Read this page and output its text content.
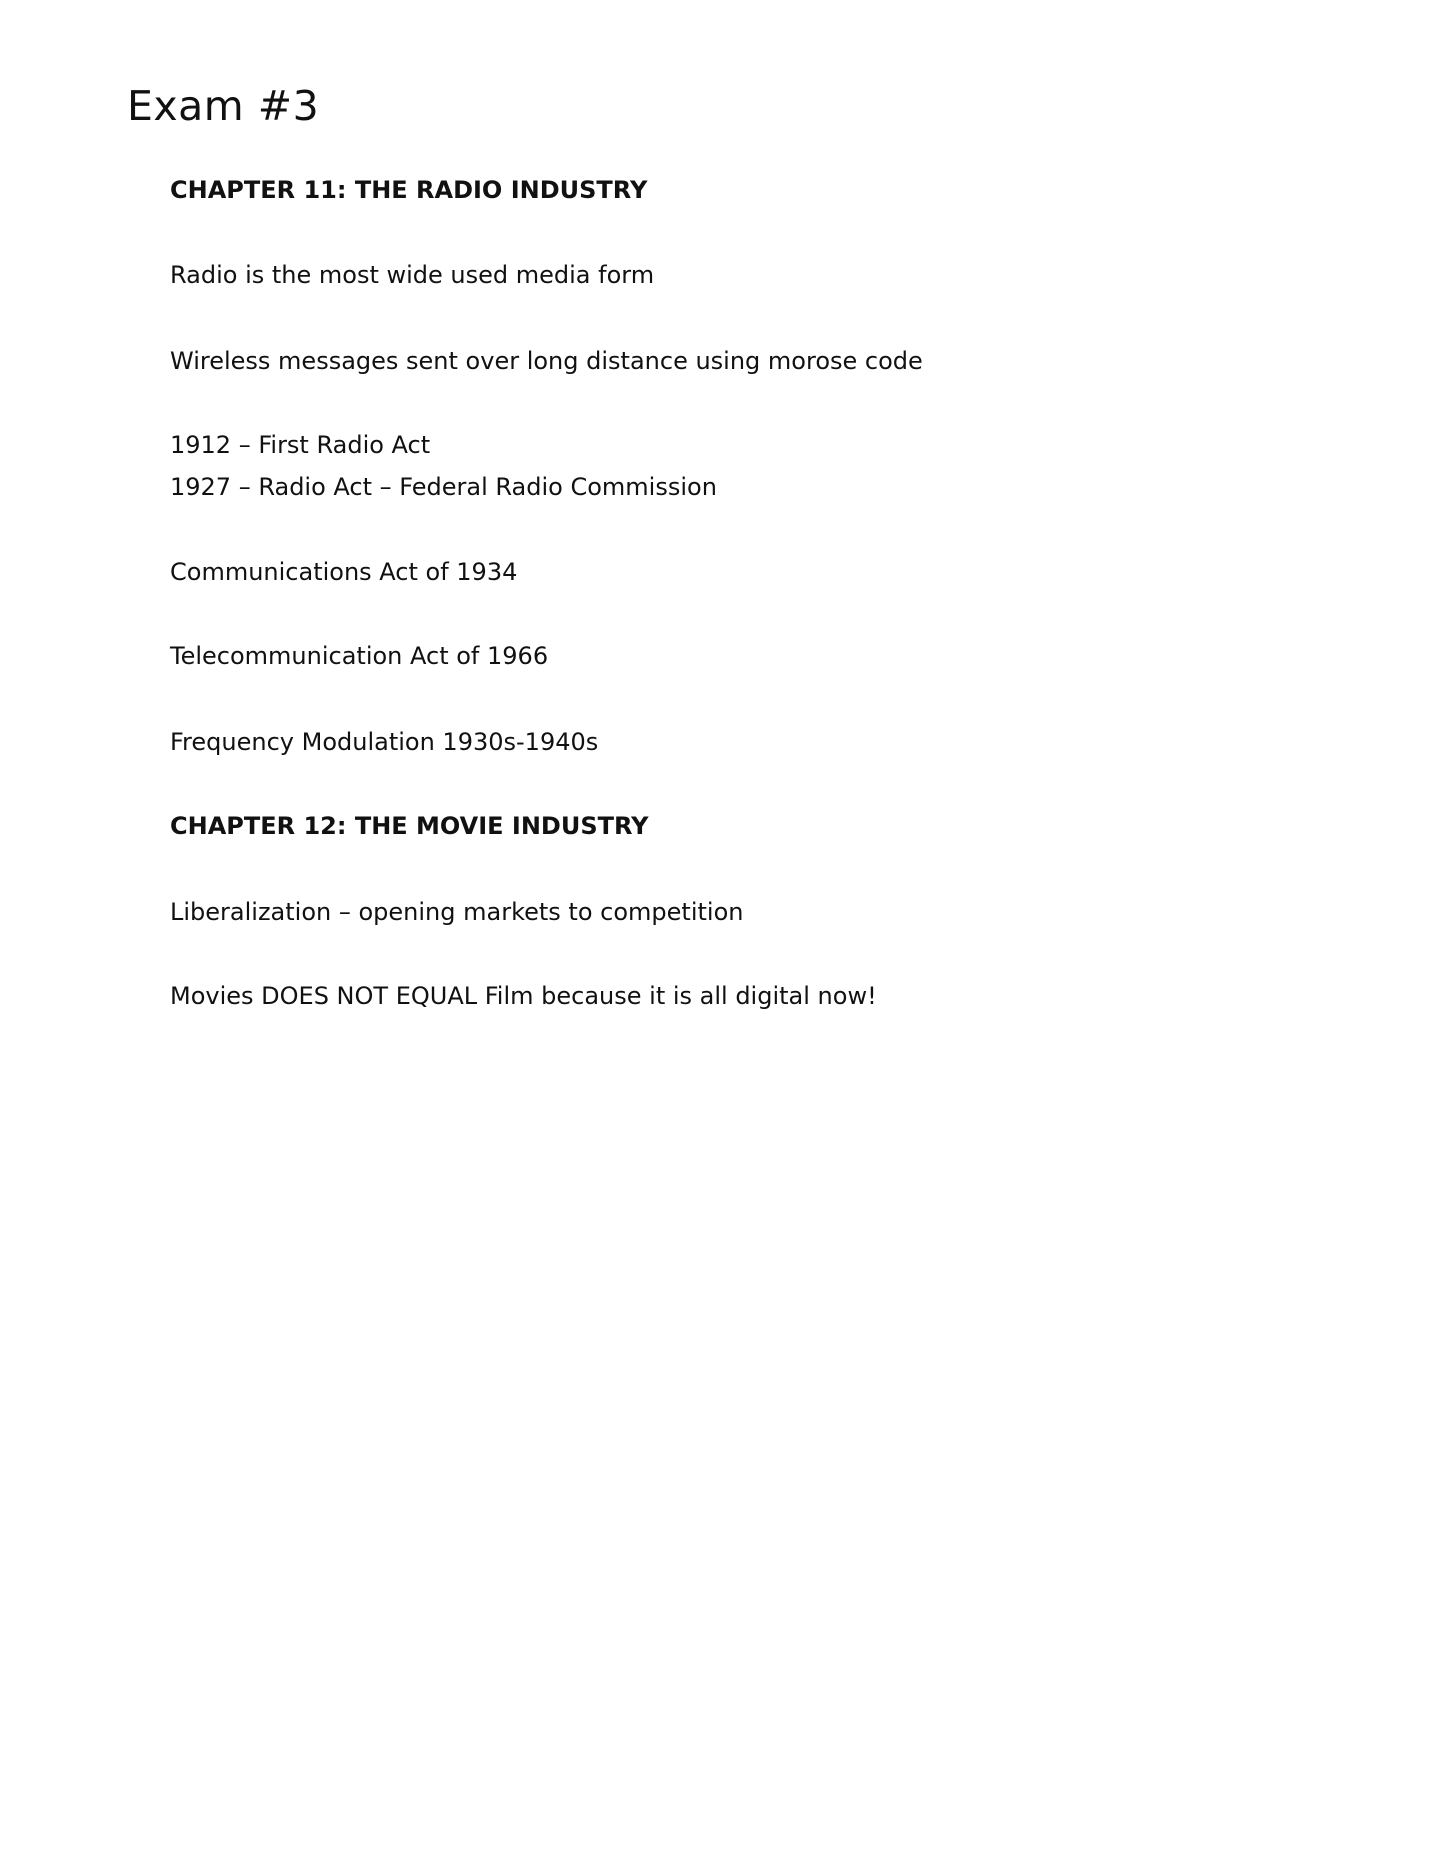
Exam #3

CHAPTER 11: THE RADIO INDUSTRY

Radio is the most wide used media form

Wireless messages sent over long distance using morose code

1912 – First Radio Act

1927 – Radio Act – Federal Radio Commission

Communications Act of 1934

Telecommunication Act of 1966

Frequency Modulation 1930s-1940s

CHAPTER 12: THE MOVIE INDUSTRY

Liberalization – opening markets to competition

Movies DOES NOT EQUAL Film because it is all digital now!
